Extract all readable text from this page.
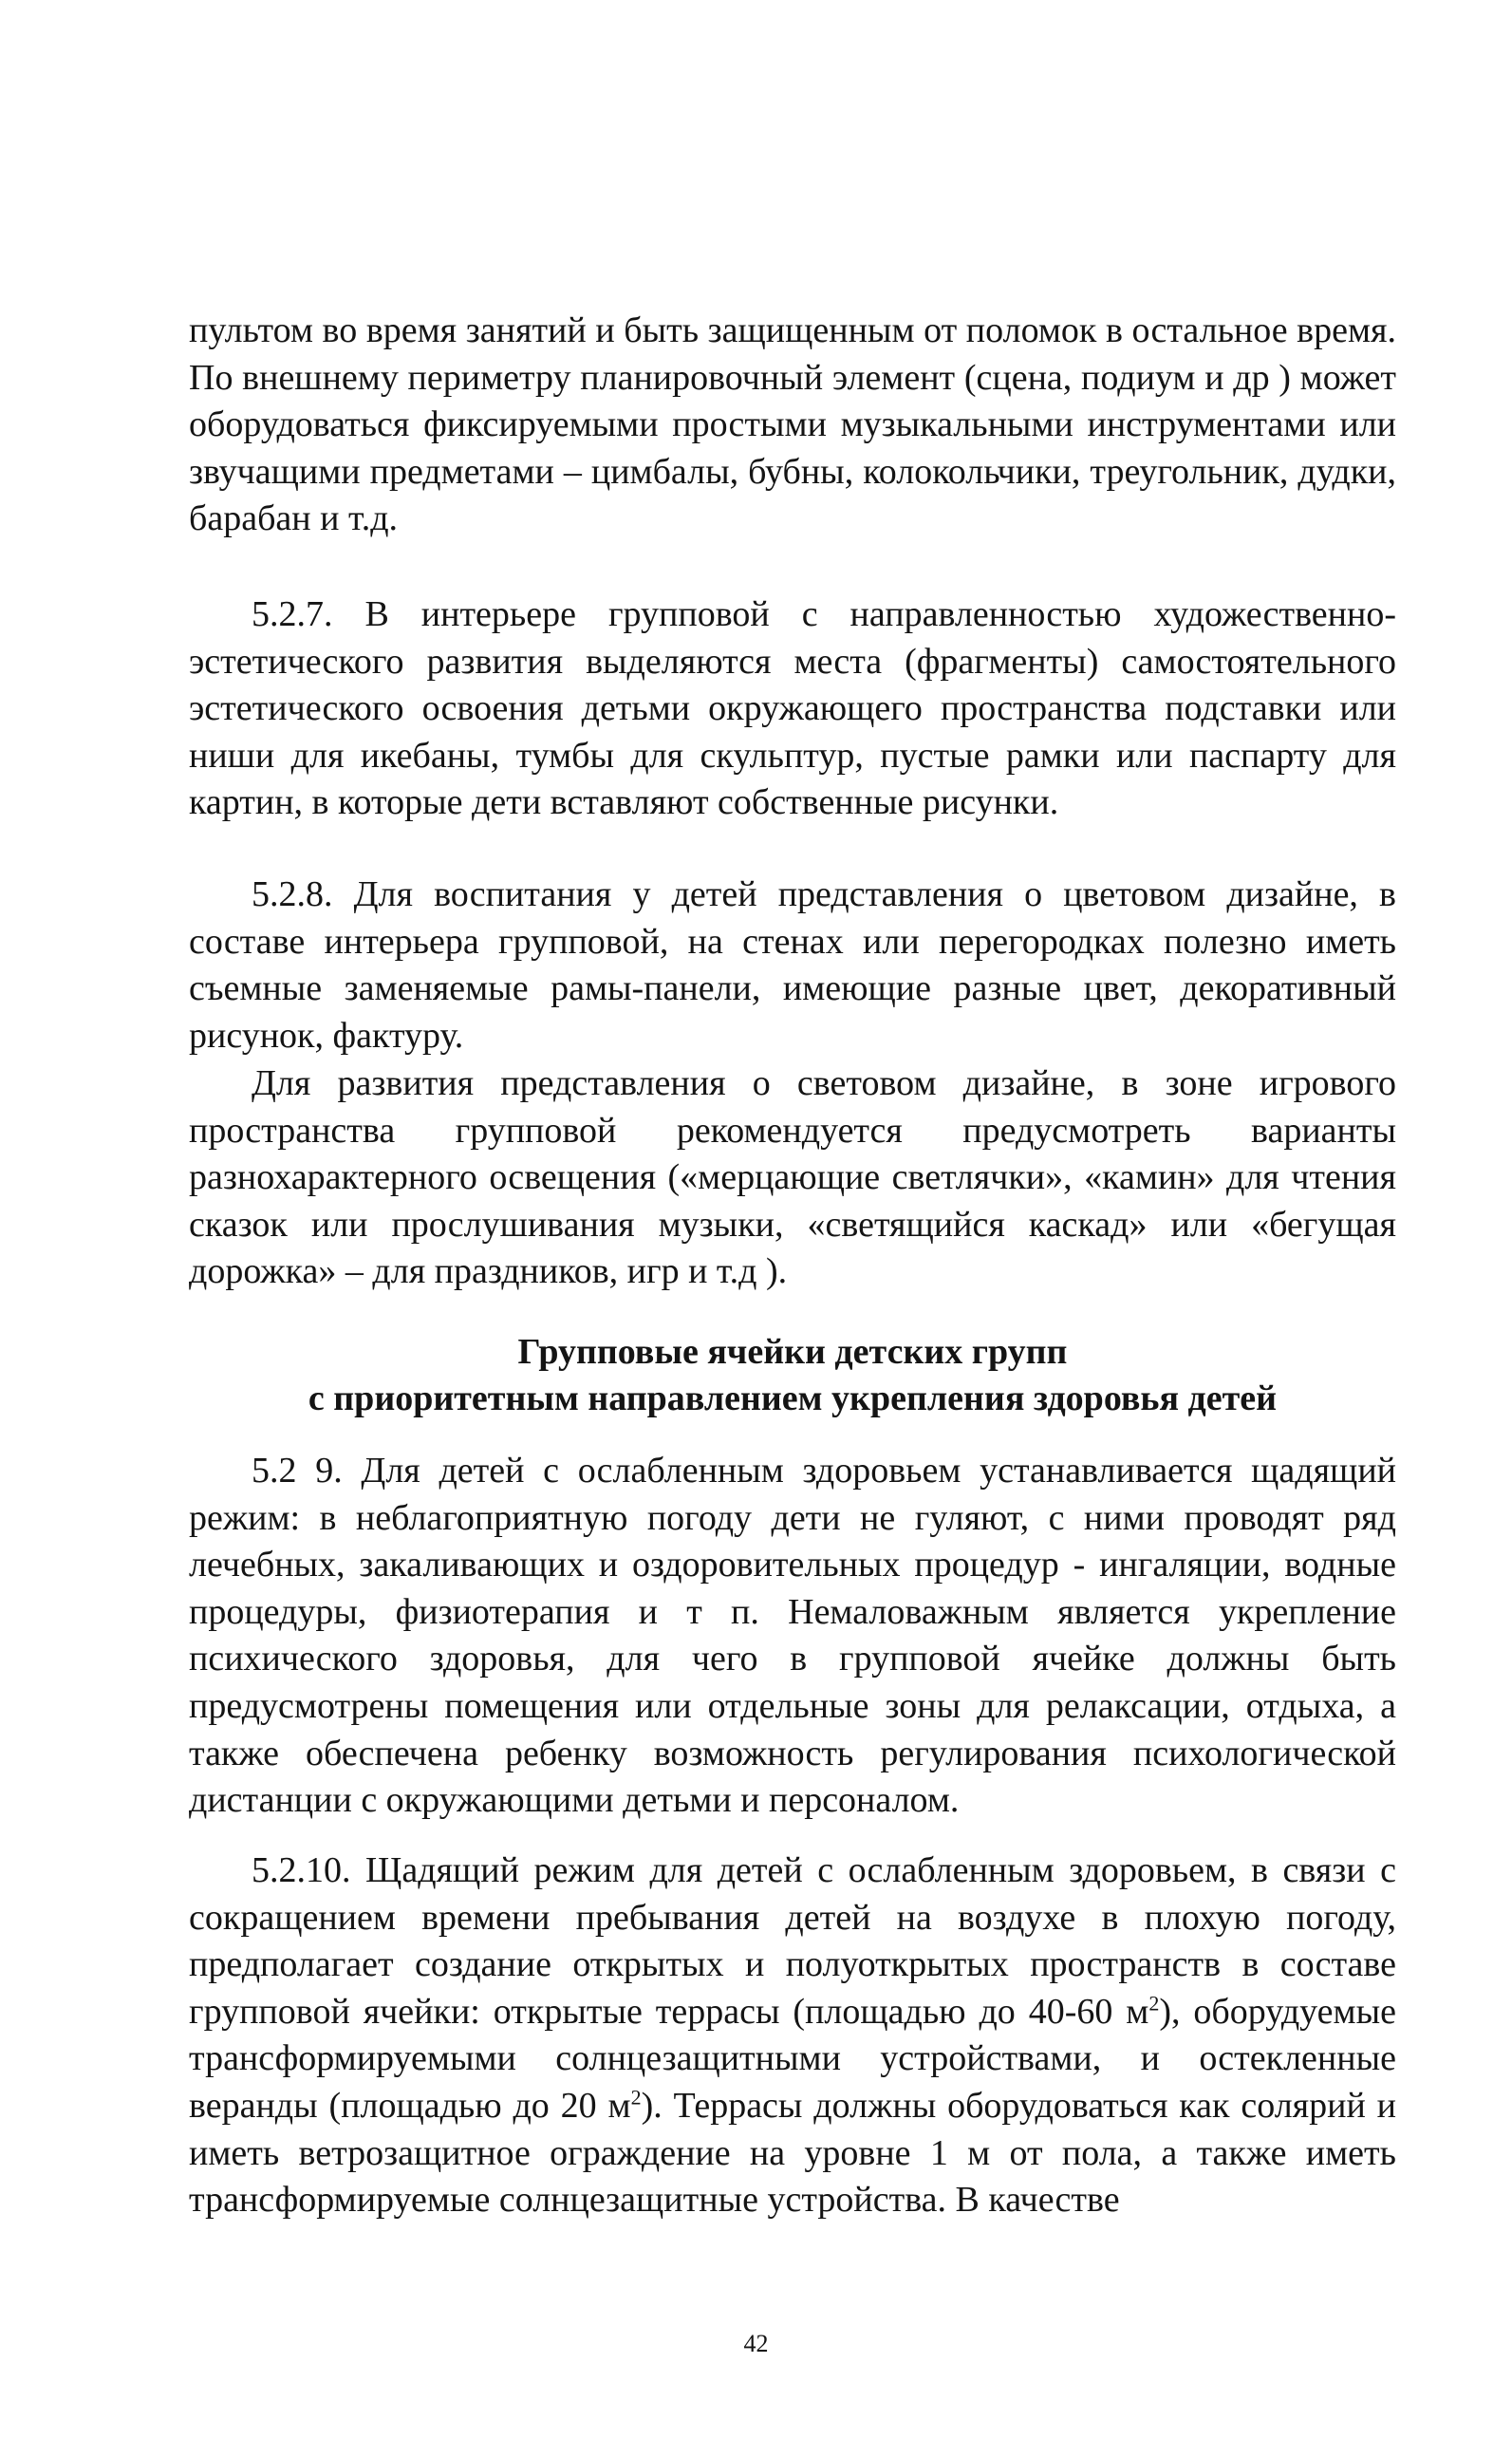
пультом во время занятий и быть защищенным от поломок в остальное время. По внешнему периметру планировочный элемент (сцена, подиум и др ) может оборудоваться фиксируемыми простыми музыкальными инструментами или звучащими предметами – цимбалы, бубны, колокольчики, треугольник, дудки, барабан и т.д.

5.2.7. В интерьере групповой с направленностью художественно-эстетического развития выделяются места (фрагменты) самостоятельного эстетического освоения детьми окружающего пространства подставки или ниши для икебаны, тумбы для скульптур, пустые рамки или паспарту для картин, в которые дети вставляют собственные рисунки.

5.2.8. Для воспитания у детей представления о цветовом дизайне, в составе интерьера групповой, на стенах или перегородках полезно иметь съемные заменяемые рамы-панели, имеющие разные цвет, декоративный рисунок, фактуру.

Для развития представления о световом дизайне, в зоне игрового пространства групповой рекомендуется предусмотреть варианты разнохарактерного освещения («мерцающие светлячки», «камин» для чтения сказок или прослушивания музыки, «светящийся каскад» или «бегущая дорожка» – для праздников, игр и т.д ).

Групповые ячейки детских групп
с приоритетным направлением укрепления здоровья детей

5.2 9. Для детей с ослабленным здоровьем устанавливается щадящий режим: в неблагоприятную погоду дети не гуляют, с ними проводят ряд лечебных, закаливающих и оздоровительных процедур - ингаляции, водные процедуры, физиотерапия и т п. Немаловажным является укрепление психического здоровья, для чего в групповой ячейке должны быть предусмотрены помещения или отдельные зоны для релаксации, отдыха, а также обеспечена ребенку возможность регулирования психологической дистанции с окружающими детьми и персоналом.

5.2.10. Щадящий режим для детей с ослабленным здоровьем, в связи с сокращением времени пребывания детей на воздухе в плохую погоду, предполагает создание открытых и полуоткрытых пространств в составе групповой ячейки: открытые террасы (площадью до 40-60 $м^2$), оборудуемые трансформируемыми солнцезащитными устройствами, и остекленные веранды (площадью до 20 $м^2$). Террасы должны оборудоваться как солярий и иметь ветрозащитное ограждение на уровне 1 м от пола, а также иметь трансформируемые солнцезащитные устройства. В качестве

42
